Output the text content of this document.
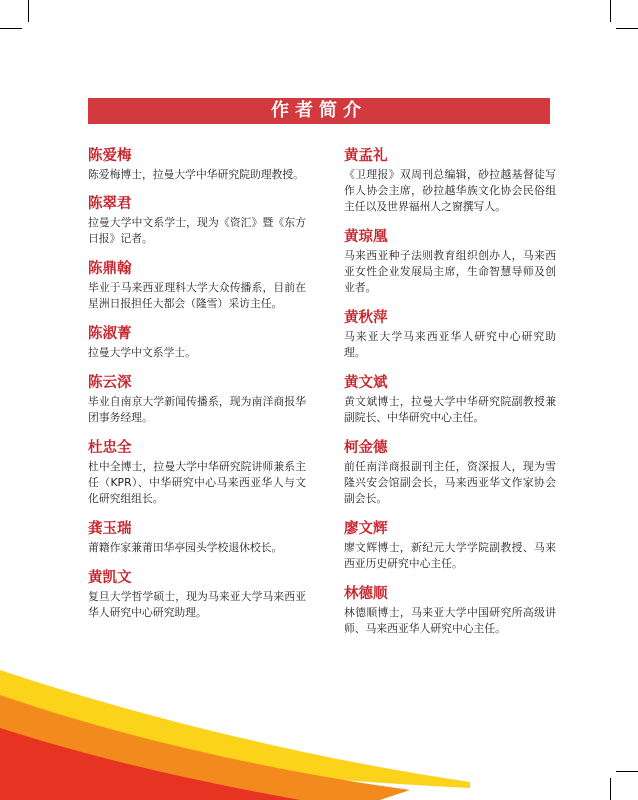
作者简介
陈爱梅

陈爱梅博士，拉曼大学中华研究院助理教授。

陈翠君

拉曼大学中文系学士，现为《资汇》暨《东方日报》记者。

陈鼎翰

毕业于马来西亚理科大学大众传播系，目前在星洲日报担任大都会（隆雪）采访主任。

陈淑菁

拉曼大学中文系学士。

陈云深

毕业自南京大学新闻传播系，现为南洋商报华团事务经理。

杜忠全

杜中全博士，拉曼大学中华研究院讲师兼系主任（KPR）、中华研究中心马来西亚华人与文化研究组组长。

龚玉瑞

莆籍作家兼莆田华亭园头学校退休校长。

黄凯文

复旦大学哲学硕士，现为马来亚大学马来西亚华人研究中心研究助理。

黄孟礼

《卫理报》双周刊总编辑，砂拉越基督徒写作人协会主席，砂拉越华族文化协会民俗组主任以及世界福州人之窗撰写人。

黄琼凰

马来西亚种子法则教育组织创办人，马来西亚女性企业发展局主席，生命智慧导师及创业者。

黄秋萍

马来亚大学马来西亚华人研究中心研究助理。

黄文斌

黄文斌博士，拉曼大学中华研究院副教授兼副院长、中华研究中心主任。

柯金德

前任南洋商报副刊主任，资深报人，现为雪隆兴安会馆副会长，马来西亚华文作家协会副会长。

廖文辉

廖文辉博士，新纪元大学学院副教授、马来西亚历史研究中心主任。

林德顺

林德顺博士，马来亚大学中国研究所高级讲师、马来西亚华人研究中心主任。
